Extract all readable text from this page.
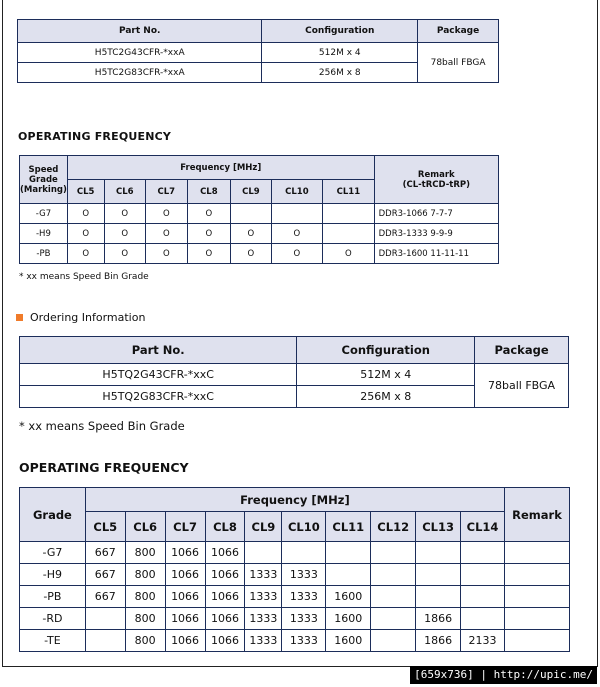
Part No.	Configuration	Package
H5TC2G43CFR-*xxA	512M x 4	78ball FBGA
H5TC2G83CFR-*xxA	256M x 8	
OPERATING FREQUENCY
Speed
Grade
(Marking)	Frequency [MHz]							Remark
(CL-tRCD-tRP)
	CL5	CL6	CL7	CL8	CL9	CL10	CL11	
-G7	O	O	O	O				DDR3-1066 7-7-7
-H9	O	O	O	O	O	O		DDR3-1333 9-9-9
-PB	O	O	O	O	O	O	O	DDR3-1600 11-11-11
* xx means Speed Bin Grade
Ordering Information
Part No.	Configuration	Package
H5TQ2G43CFR-*xxC	512M x 4	78ball FBGA
H5TQ2G83CFR-*xxC	256M x 8	
* xx means Speed Bin Grade
OPERATING FREQUENCY
Grade	Frequency [MHz]										Remark
	CL5	CL6	CL7	CL8	CL9	CL10	CL11	CL12	CL13	CL14	
-G7	667	800	1066	1066							
-H9	667	800	1066	1066	1333	1333					
-PB	667	800	1066	1066	1333	1333	1600				
-RD		800	1066	1066	1333	1333	1600		1866		
-TE		800	1066	1066	1333	1333	1600		1866	2133	
[659x736] | http://upic.me/
